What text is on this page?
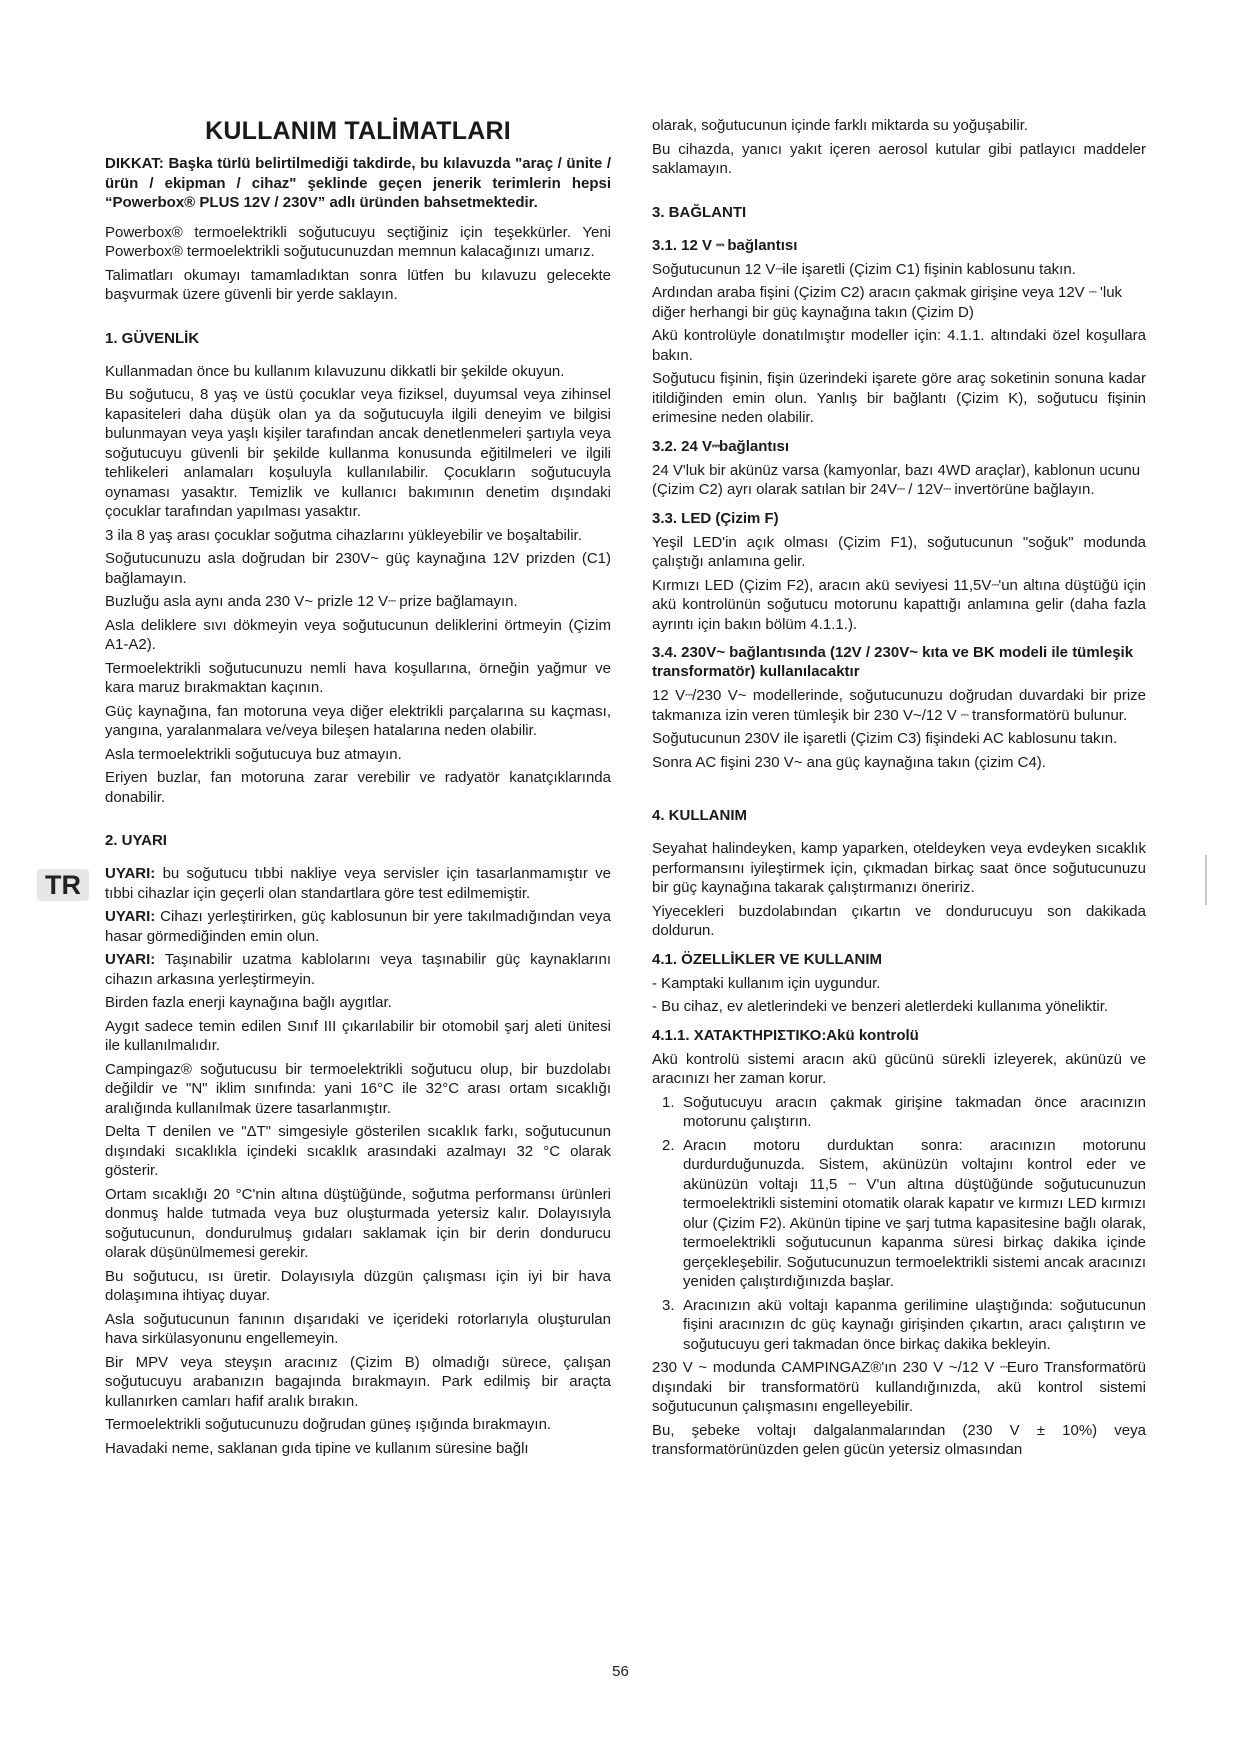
KULLANIM TALİMATLARI

DIKKAT: Başka türlü belirtilmediği takdirde, bu kılavuzda "araç / ünite / ürün / ekipman / cihaz" şeklinde geçen jenerik terimlerin hepsi “Powerbox® PLUS 12V / 230V” adlı üründen bahsetmektedir.

Powerbox® termoelektrikli soğutucuyu seçtiğiniz için teşekkürler. Yeni Powerbox® termoelektrikli soğutucunuzdan memnun kalacağınızı umarız.

Talimatları okumayı tamamladıktan sonra lütfen bu kılavuzu gelecekte başvurmak üzere güvenli bir yerde saklayın.

1. GÜVENLİK

Kullanmadan önce bu kullanım kılavuzunu dikkatli bir şekilde okuyun.

Bu soğutucu, 8 yaş ve üstü çocuklar veya fiziksel, duyumsal veya zihinsel kapasiteleri daha düşük olan ya da soğutucuyla ilgili deneyim ve bilgisi bulunmayan veya yaşlı kişiler tarafından ancak denetlenmeleri şartıyla veya soğutucuyu güvenli bir şekilde kullanma konusunda eğitilmeleri ve ilgili tehlikeleri anlamaları koşuluyla kullanılabilir. Çocukların soğutucuyla oynaması yasaktır. Temizlik ve kullanıcı bakımının denetim dışındaki çocuklar tarafından yapılması yasaktır.

3 ila 8 yaş arası çocuklar soğutma cihazlarını yükleyebilir ve boşaltabilir.

Soğutucunuzu asla doğrudan bir 230V~ güç kaynağına 12V prizden (C1) bağlamayın.

Buzluğu asla aynı anda 230 V~ prizle 12 V⎓ prize bağlamayın.

Asla deliklere sıvı dökmeyin veya soğutucunun deliklerini örtmeyin (Çizim A1-A2).

Termoelektrikli soğutucunuzu nemli hava koşullarına, örneğin yağmur ve kara maruz bırakmaktan kaçının.

Güç kaynağına, fan motoruna veya diğer elektrikli parçalarına su kaçması, yangına, yaralanmalara ve/veya bileşen hatalarına neden olabilir.

Asla termoelektrikli soğutucuya buz atmayın.

Eriyen buzlar, fan motoruna zarar verebilir ve radyatör kanatçıklarında donabilir.

2. UYARI

UYARI: bu soğutucu tıbbi nakliye veya servisler için tasarlanmamıştır ve tıbbi cihazlar için geçerli olan standartlara göre test edilmemiştir.

UYARI: Cihazı yerleştirirken, güç kablosunun bir yere takılmadığından veya hasar görmediğinden emin olun.

UYARI: Taşınabilir uzatma kablolarını veya taşınabilir güç kaynaklarını cihazın arkasına yerleştirmeyin.

Birden fazla enerji kaynağına bağlı aygıtlar.

Aygıt sadece temin edilen Sınıf III çıkarılabilir bir otomobil şarj aleti ünitesi ile kullanılmalıdır.

Campingaz® soğutucusu bir termoelektrikli soğutucu olup, bir buzdolabı değildir ve "N" iklim sınıfında: yani 16°C ile 32°C arası ortam sıcaklığı aralığında kullanılmak üzere tasarlanmıştır.

Delta T denilen ve "ΔT" simgesiyle gösterilen sıcaklık farkı, soğutucunun dışındaki sıcaklıkla içindeki sıcaklık arasındaki azalmayı 32 °C olarak gösterir.

Ortam sıcaklığı 20 °C'nin altına düştüğünde, soğutma performansı ürünleri donmuş halde tutmada veya buz oluşturmada yetersiz kalır. Dolayısıyla soğutucunun, dondurulmuş gıdaları saklamak için bir derin dondurucu olarak düşünülmemesi gerekir.

Bu soğutucu, ısı üretir. Dolayısıyla düzgün çalışması için iyi bir hava dolaşımına ihtiyaç duyar.

Asla soğutucunun fanının dışarıdaki ve içerideki rotorlarıyla oluşturulan hava sirkülasyonunu engellemeyin.

Bir MPV veya steyşın aracınız (Çizim B) olmadığı sürece, çalışan soğutucuyu arabanızın bagajında bırakmayın. Park edilmiş bir araçta kullanırken camları hafif aralık bırakın.

Termoelektrikli soğutucunuzu doğrudan güneş ışığında bırakmayın.

Havadaki neme, saklanan gıda tipine ve kullanım süresine bağlı

olarak, soğutucunun içinde farklı miktarda su yoğuşabilir.

Bu cihazda, yanıcı yakıt içeren aerosol kutular gibi patlayıcı maddeler saklamayın.

3. BAĞLANTI
3.1. 12 V ⎓ bağlantısı

Soğutucunun 12 V⎓ile işaretli (Çizim C1) fişinin kablosunu takın.

Ardından araba fişini (Çizim C2) aracın çakmak girişine veya 12V ⎓ 'luk diğer herhangi bir güç kaynağına takın (Çizim D)

Akü kontrolüyle donatılmıştır modeller için: 4.1.1. altındaki özel koşullara bakın.

Soğutucu fişinin, fişin üzerindeki işarete göre araç soketinin sonuna kadar itildiğinden emin olun. Yanlış bir bağlantı (Çizim K), soğutucu fişinin erimesine neden olabilir.

3.2. 24 V⎓bağlantısı

24 V'luk bir akünüz varsa (kamyonlar, bazı 4WD araçlar), kablonun ucunu (Çizim C2) ayrı olarak satılan bir 24V⎓ / 12V⎓ invertörüne bağlayın.

3.3. LED (Çizim F)

Yeşil LED'in açık olması (Çizim F1), soğutucunun "soğuk" modunda çalıştığı anlamına gelir.

Kırmızı LED (Çizim F2), aracın akü seviyesi 11,5V⎓'un altına düştüğü için akü kontrolünün soğutucu motorunu kapattığı anlamına gelir (daha fazla ayrıntı için bakın bölüm 4.1.1.).

3.4. 230V~ bağlantısında (12V / 230V~ kıta ve BK modeli ile tümleşik transformatör) kullanılacaktır

12 V⎓/230 V~ modellerinde, soğutucunuzu doğrudan duvardaki bir prize takmanıza izin veren tümleşik bir 230 V~/12 V ⎓ transformatörü bulunur.

Soğutucunun 230V ile işaretli (Çizim C3) fişindeki AC kablosunu takın.

Sonra AC fişini 230 V~ ana güç kaynağına takın (çizim C4).

4. KULLANIM

Seyahat halindeyken, kamp yaparken, oteldeyken veya evdeyken sıcaklık performansını iyileştirmek için, çıkmadan birkaç saat önce soğutucunuzu bir güç kaynağına takarak çalıştırmanızı öneririz.

Yiyecekleri buzdolabından çıkartın ve dondurucuyu son dakikada doldurun.

4.1. ÖZELLİKLER VE KULLANIM

- Kamptaki kullanım için uygundur.

- Bu cihaz, ev aletlerindeki ve benzeri aletlerdeki kullanıma yöneliktir.

4.1.1. ΧΑΤΑΚΤΗΡΙΣΤΙΚΟ:Akü kontrolü

Akü kontrolü sistemi aracın akü gücünü sürekli izleyerek, akünüzü ve aracınızı her zaman korur.

1. Soğutucuyu aracın çakmak girişine takmadan önce aracınızın motorunu çalıştırın.

2. Aracın motoru durduktan sonra: aracınızın motorunu durdurduğunuzda. Sistem, akünüzün voltajını kontrol eder ve akünüzün voltajı 11,5 ⎓ V'un altına düştüğünde soğutucunuzun termoelektrikli sistemini otomatik olarak kapatır ve kırmızı LED kırmızı olur (Çizim F2). Akünün tipine ve şarj tutma kapasitesine bağlı olarak, termoelektrikli soğutucunun kapanma süresi birkaç dakika içinde gerçekleşebilir. Soğutucunuzun termoelektrikli sistemi ancak aracınızı yeniden çalıştırdığınızda başlar.

3. Aracınızın akü voltajı kapanma gerilimine ulaştığında: soğutucunun fişini aracınızın dc güç kaynağı girişinden çıkartın, aracı çalıştırın ve soğutucuyu geri takmadan önce birkaç dakika bekleyin.

230 V ~ modunda CAMPINGAZ®'ın 230 V ~/12 V ⎓Euro Transformatörü dışındaki bir transformatörü kullandığınızda, akü kontrol sistemi soğutucunun çalışmasını engelleyebilir.

Bu, şebeke voltajı dalgalanmalarından (230 V ± 10%) veya transformatörünüzden gelen gücün yetersiz olmasından

TR
56
